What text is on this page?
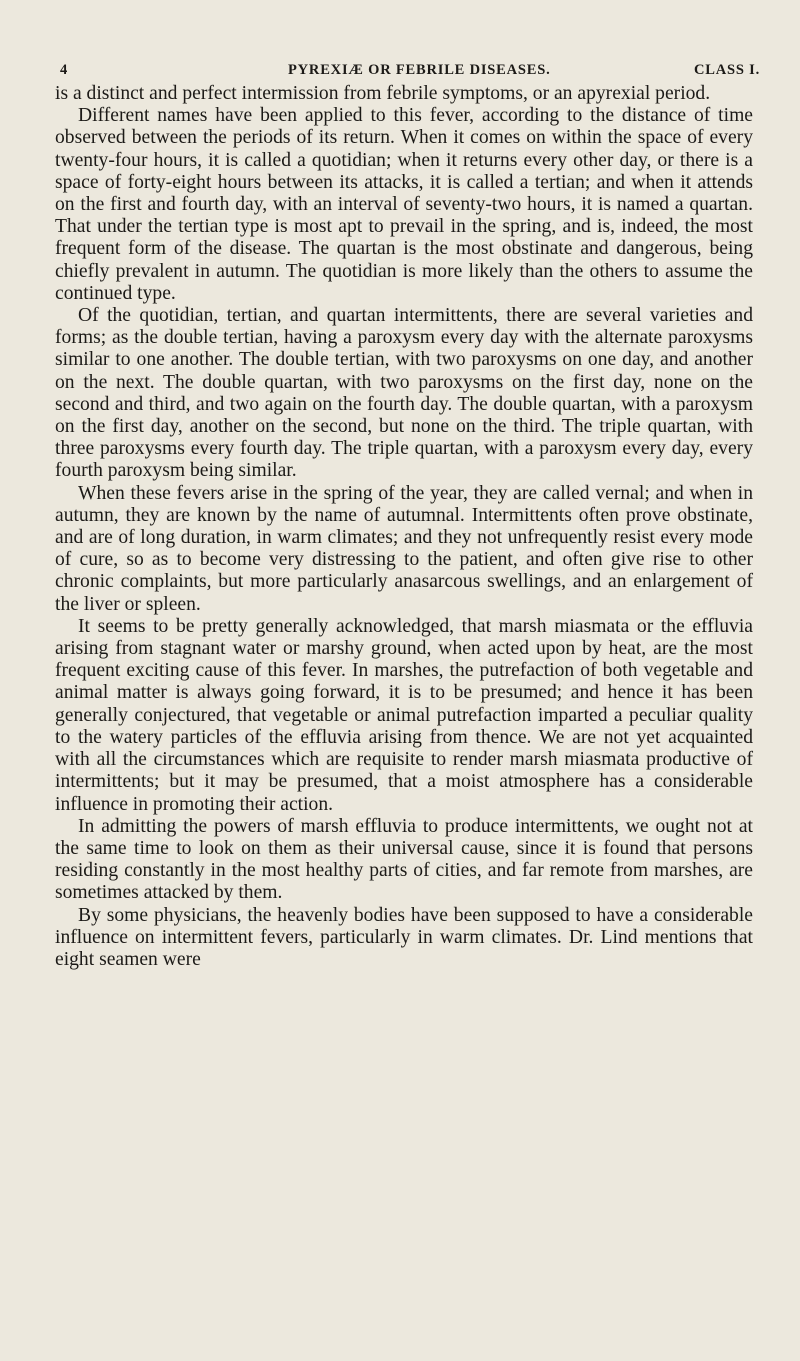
4	PYREXIÆ OR FEBRILE DISEASES.	CLASS I.

is a distinct and perfect intermission from febrile symptoms, or an apyrexial period.

Different names have been applied to this fever, according to the distance of time observed between the periods of its return. When it comes on within the space of every twenty-four hours, it is called a quotidian; when it returns every other day, or there is a space of forty-eight hours between its attacks, it is called a tertian; and when it attends on the first and fourth day, with an interval of seventy-two hours, it is named a quartan. That under the tertian type is most apt to prevail in the spring, and is, indeed, the most frequent form of the disease. The quartan is the most obstinate and dangerous, being chiefly prevalent in autumn. The quotidian is more likely than the others to assume the continued type.

Of the quotidian, tertian, and quartan intermittents, there are several varieties and forms; as the double tertian, having a paroxysm every day with the alternate paroxysms similar to one another. The double tertian, with two paroxysms on one day, and another on the next. The double quartan, with two paroxysms on the first day, none on the second and third, and two again on the fourth day. The double quartan, with a paroxysm on the first day, another on the second, but none on the third. The triple quartan, with three paroxysms every fourth day. The triple quartan, with a paroxysm every day, every fourth paroxysm being similar.

When these fevers arise in the spring of the year, they are called vernal; and when in autumn, they are known by the name of autumnal. Intermittents often prove obstinate, and are of long duration, in warm climates; and they not unfrequently resist every mode of cure, so as to become very distressing to the patient, and often give rise to other chronic complaints, but more particularly anasarcous swellings, and an enlargement of the liver or spleen.

It seems to be pretty generally acknowledged, that marsh miasmata or the effluvia arising from stagnant water or marshy ground, when acted upon by heat, are the most frequent exciting cause of this fever. In marshes, the putrefaction of both vegetable and animal matter is always going forward, it is to be presumed; and hence it has been generally conjectured, that vegetable or animal putrefaction imparted a peculiar quality to the watery particles of the effluvia arising from thence. We are not yet acquainted with all the circumstances which are requisite to render marsh miasmata productive of intermittents; but it may be presumed, that a moist atmosphere has a considerable influence in promoting their action.

In admitting the powers of marsh effluvia to produce intermittents, we ought not at the same time to look on them as their universal cause, since it is found that persons residing constantly in the most healthy parts of cities, and far remote from marshes, are sometimes attacked by them.

By some physicians, the heavenly bodies have been supposed to have a considerable influence on intermittent fevers, particularly in warm climates. Dr. Lind mentions that eight seamen were
